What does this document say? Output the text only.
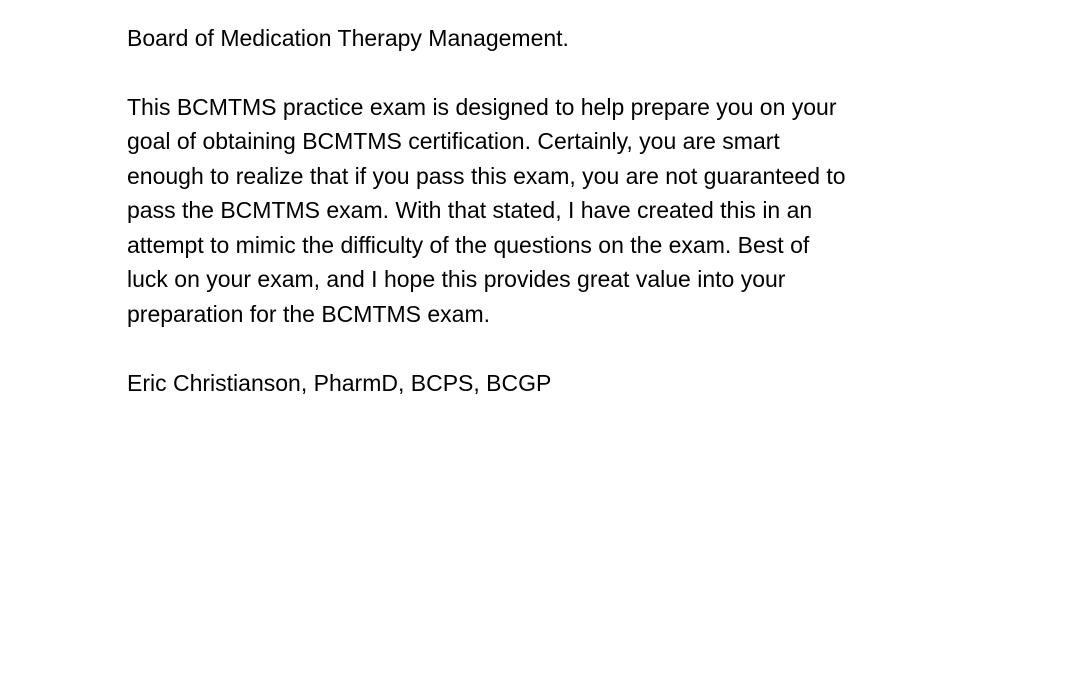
Board of Medication Therapy Management.
This BCMTMS practice exam is designed to help prepare you on your
goal of obtaining BCMTMS certification. Certainly, you are smart
enough to realize that if you pass this exam, you are not guaranteed to
pass the BCMTMS exam. With that stated, I have created this in an
attempt to mimic the difficulty of the questions on the exam. Best of
luck on your exam, and I hope this provides great value into your
preparation for the BCMTMS exam.
Eric Christianson, PharmD, BCPS, BCGP
